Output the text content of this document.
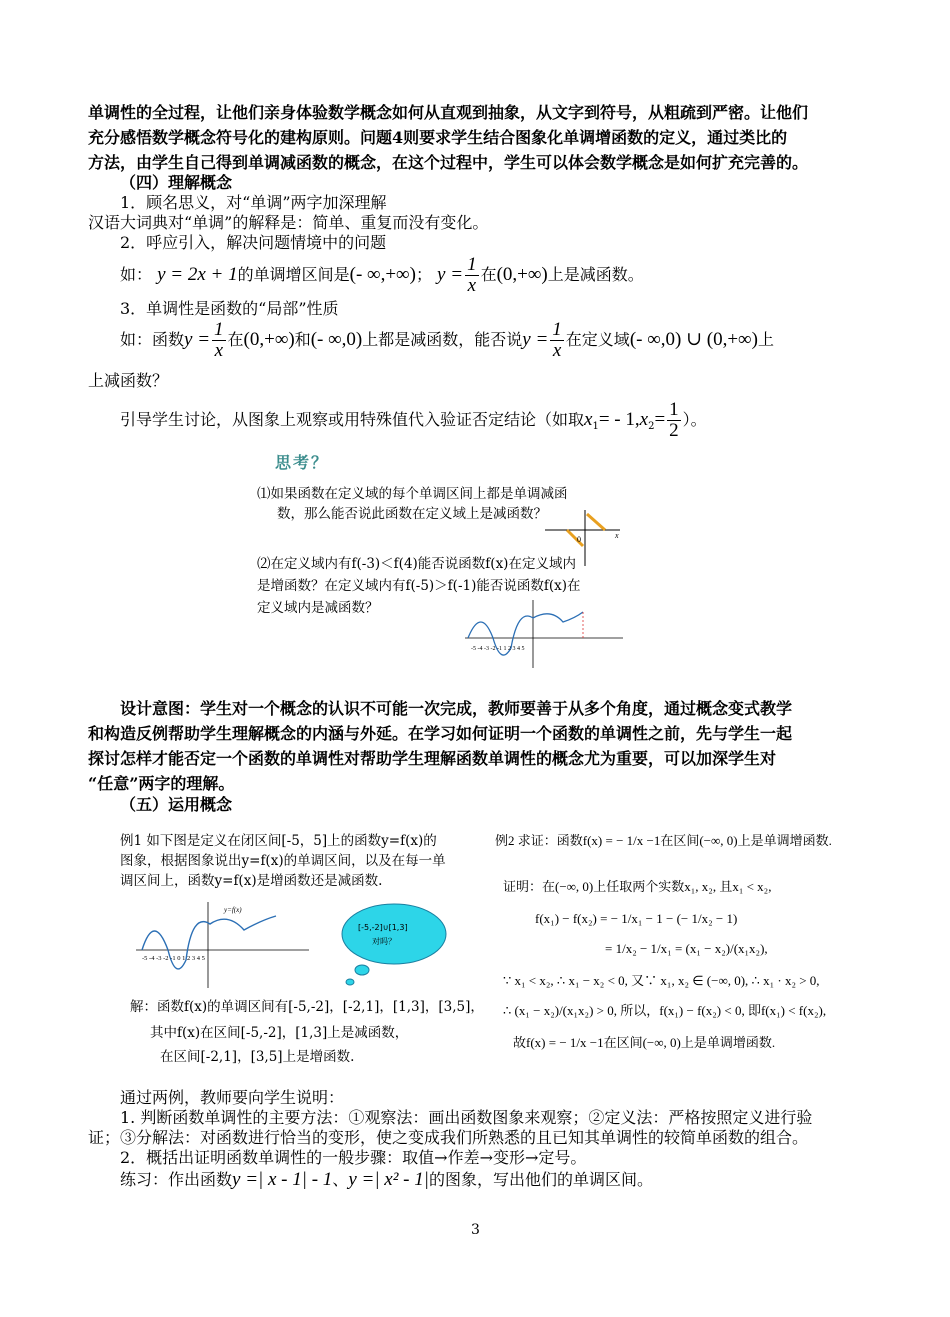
单调性的全过程，让他们亲身体验数学概念如何从直观到抽象，从文字到符号，从粗疏到严密。让他们
充分感悟数学概念符号化的建构原则。问题4则要求学生结合图象化单调增函数的定义，通过类比的
方法，由学生自己得到单调减函数的概念，在这个过程中，学生可以体会数学概念是如何扩充完善的。
（四）理解概念
1．顾名思义，对“单调”两字加深理解
汉语大词典对“单调”的解释是：简单、重复而没有变化。
2．呼应引入，解决问题情境中的问题
如： y = 2x + 1的单调增区间是(- ∞,+∞)； $y = \frac{1}{x}$ 在(0,+∞)上是减函数。
3．单调性是函数的“局部”性质
如：函数$y = \frac{1}{x}$ 在(0,+∞)和(- ∞,0)上都是减函数，能否说$y = \frac{1}{x}$ 在定义域(- ∞,0) ∪ (0,+∞)上
上减函数？
引导学生讨论，从图象上观察或用特殊值代入验证否定结论（如取$x_1= - 1,x_2= \frac{1}{2}$ ）。
思考？
⑴如果函数在定义域的每个单调区间上都是单调减函
数，那么能否说此函数在定义域上是减函数？
0	x
⑵在定义域内有f(-3)＜f(4)能否说函数f(x)在定义域内
是增函数？在定义域内有f(-5)＞f(-1)能否说函数f(x)在
定义域内是减函数？
-5 -4 -3 -2 -1 1 2 3 4 5
设计意图：学生对一个概念的认识不可能一次完成，教师要善于从多个角度，通过概念变式教学
和构造反例帮助学生理解概念的内涵与外延。在学习如何证明一个函数的单调性之前，先与学生一起
探讨怎样才能否定一个函数的单调性对帮助学生理解函数单调性的概念尤为重要，可以加深学生对
“任意”两字的理解。
（五）运用概念
例1 如下图是定义在闭区间[-5，5]上的函数y=f(x)的
图象，根据图象说出y=f(x)的单调区间，以及在每一单
调区间上，函数y=f(x)是增函数还是减函数.
y=f(x)
-5 -4 -3 -2 -1 0 1 2 3 4 5
[-5,-2]∪[1,3]
对吗？
解：函数f(x)的单调区间有[-5,-2]，[-2,1]，[1,3]，[3,5]，
其中f(x)在区间[-5,-2]，[1,3]上是减函数，
在区间[-2,1]，[3,5]上是增函数.
例2 求证：函数f(x) = − 1/x −1在区间(−∞, 0)上是单调增函数.
证明：在(−∞, 0)上任取两个实数x₁, x₂, 且x₁ < x₂,
f(x₁) − f(x₂) = − 1/x₁ − 1 − (− 1/x₂ − 1)
= 1/x₂ − 1/x₁ = (x₁ − x₂)/(x₁x₂),
∵ x₁ < x₂, ∴ x₁ − x₂ < 0, 又∵ x₁, x₂ ∈ (−∞, 0), ∴ x₁ · x₂ > 0,
∴ (x₁ − x₂)/(x₁x₂) > 0, 所以，f(x₁) − f(x₂) < 0, 即f(x₁) < f(x₂),
故f(x) = − 1/x −1在区间(−∞, 0)上是单调增函数.
通过两例，教师要向学生说明：
1. 判断函数单调性的主要方法：①观察法：画出函数图象来观察；②定义法：严格按照定义进行验
证；③分解法：对函数进行恰当的变形，使之变成我们所熟悉的且已知其单调性的较简单函数的组合。
2．概括出证明函数单调性的一般步骤：取值→作差→变形→定号。
练习：作出函数y =| x - 1| - 1、y =| x² - 1|的图象，写出他们的单调区间。
3
